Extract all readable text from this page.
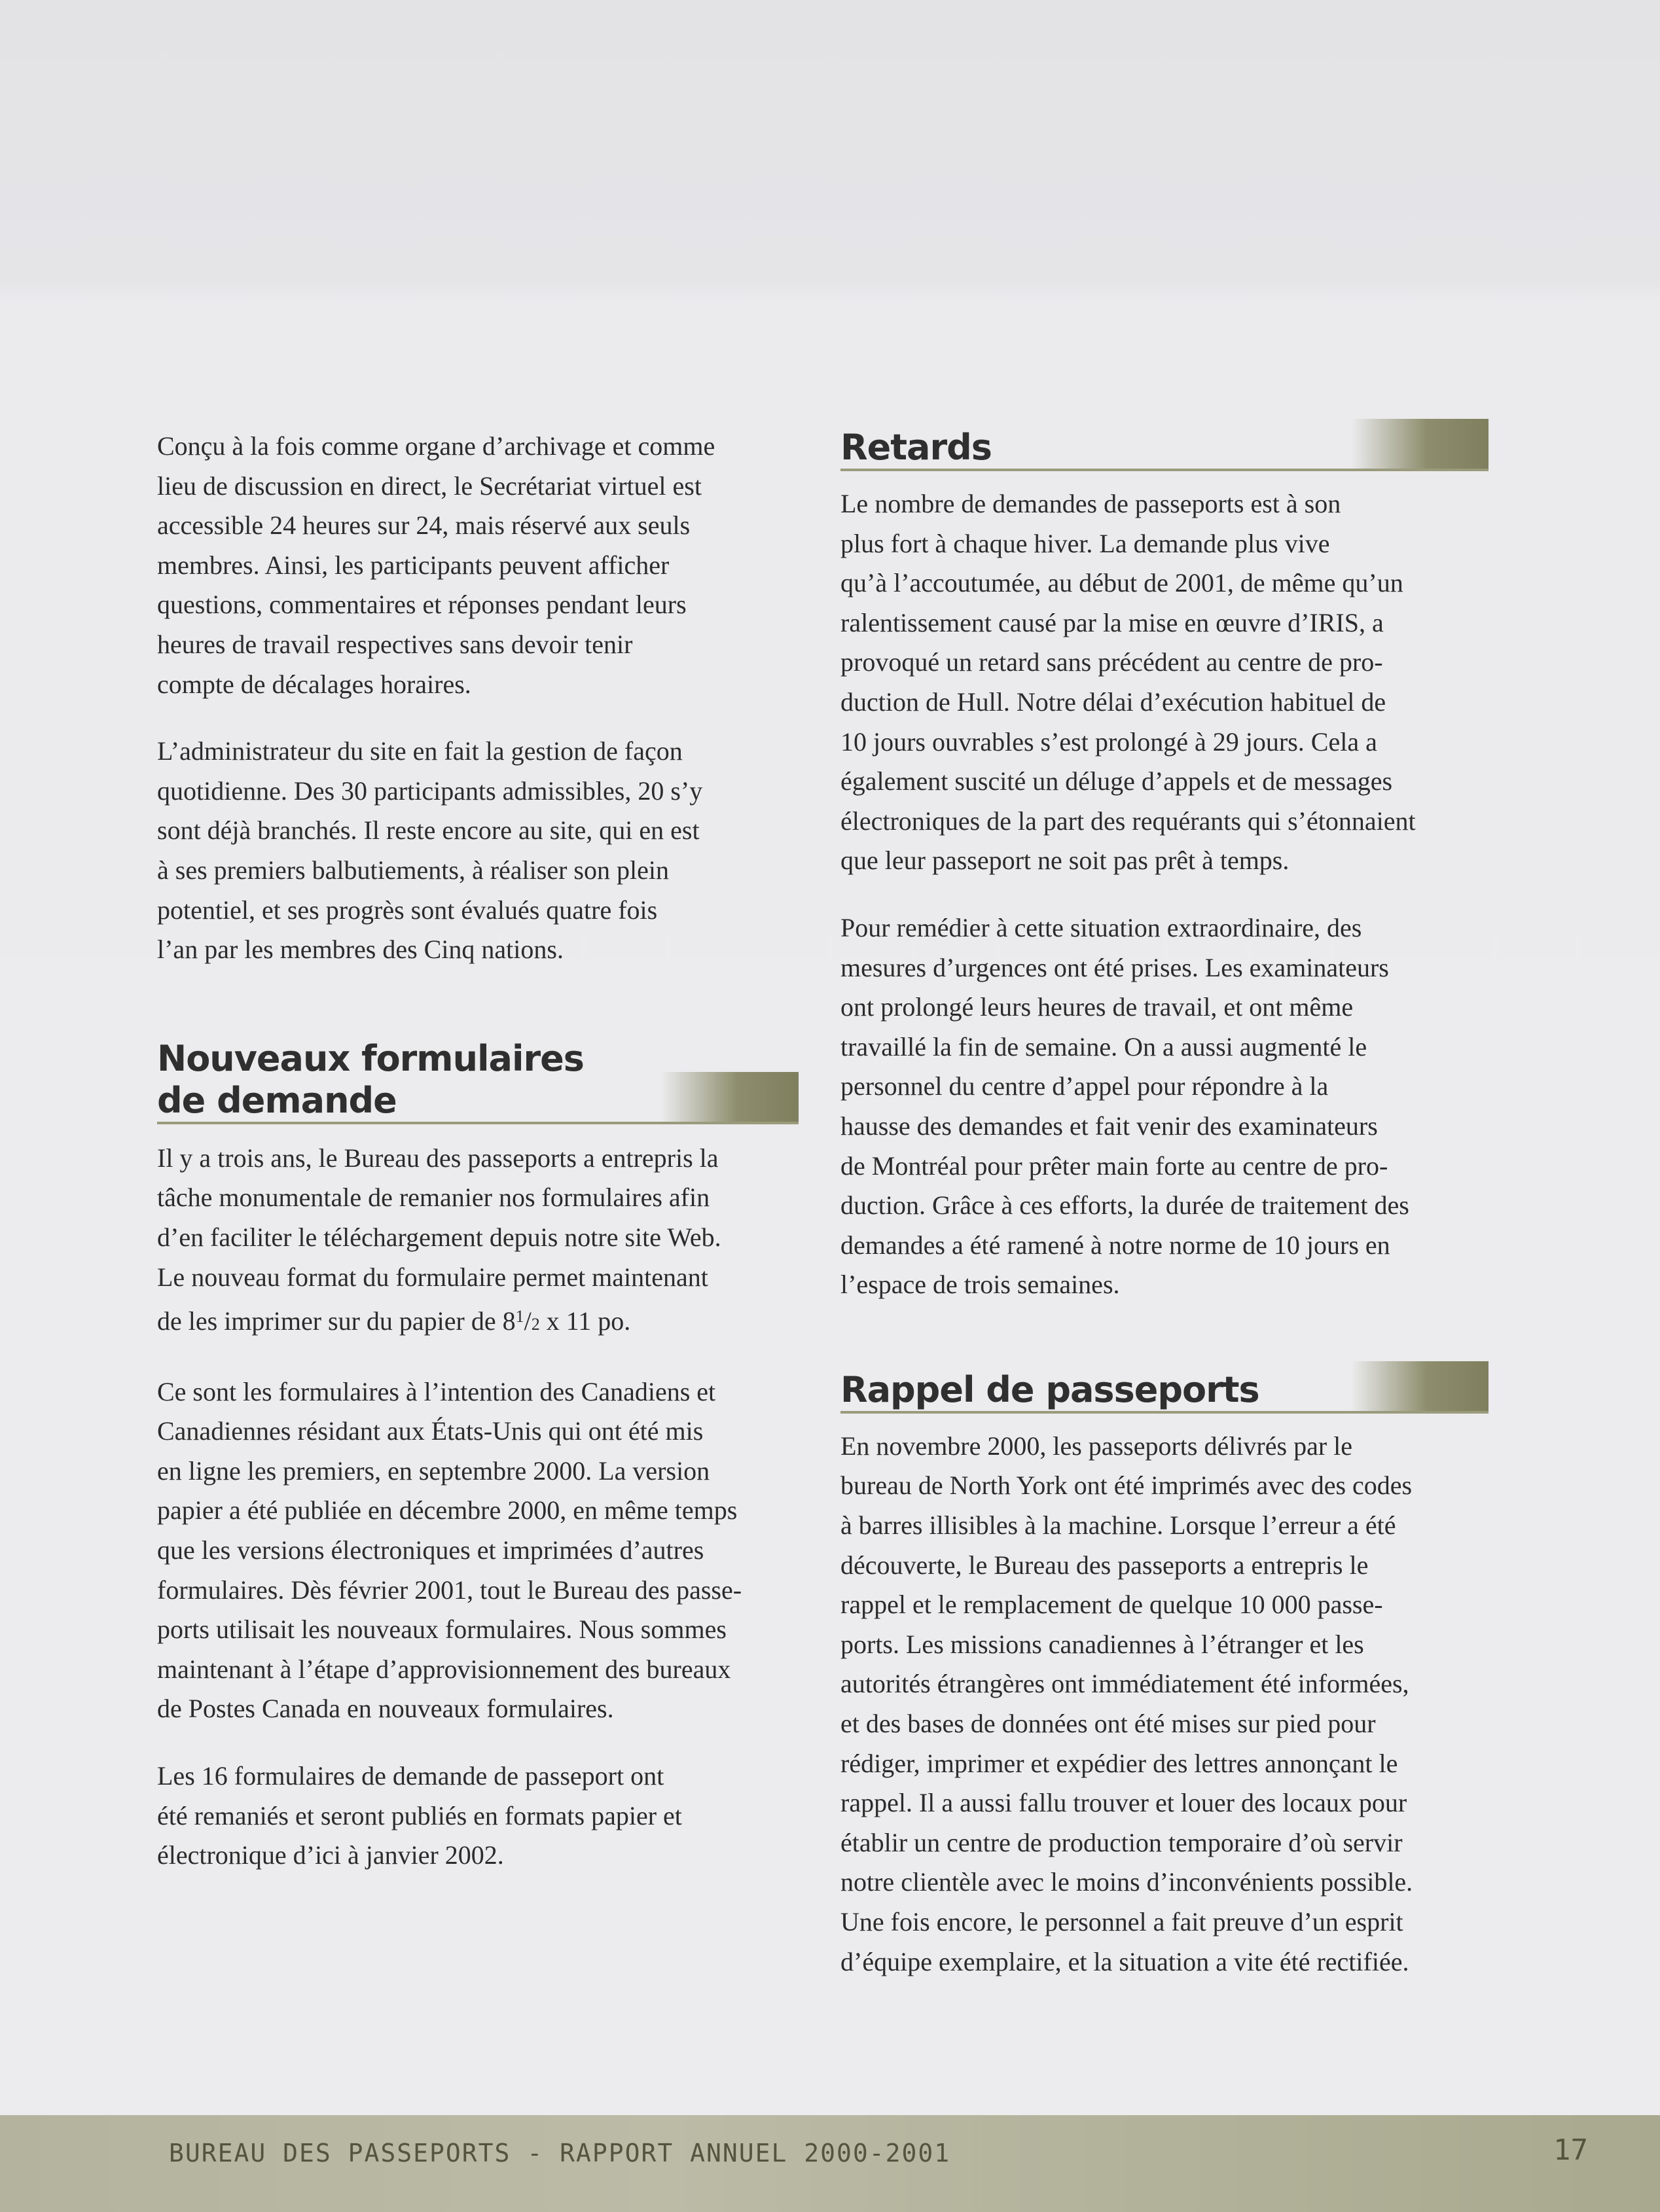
Conçu à la fois comme organe d’archivage et comme
lieu de discussion en direct, le Secrétariat virtuel est
accessible 24 heures sur 24, mais réservé aux seuls
membres. Ainsi, les participants peuvent afficher
questions, commentaires et réponses pendant leurs
heures de travail respectives sans devoir tenir
compte de décalages horaires.

L’administrateur du site en fait la gestion de façon
quotidienne. Des 30 participants admissibles, 20 s’y
sont déjà branchés. Il reste encore au site, qui en est
à ses premiers balbutiements, à réaliser son plein
potentiel, et ses progrès sont évalués quatre fois
l’an par les membres des Cinq nations.

Nouveaux formulaires
de demande

Il y a trois ans, le Bureau des passeports a entrepris la
tâche monumentale de remanier nos formulaires afin
d’en faciliter le téléchargement depuis notre site Web.
Le nouveau format du formulaire permet maintenant
de les imprimer sur du papier de $8^1/2$ x 11 po.

Ce sont les formulaires à l’intention des Canadiens et
Canadiennes résidant aux États-Unis qui ont été mis
en ligne les premiers, en septembre 2000. La version
papier a été publiée en décembre 2000, en même temps
que les versions électroniques et imprimées d’autres
formulaires. Dès février 2001, tout le Bureau des passe-
ports utilisait les nouveaux formulaires. Nous sommes
maintenant à l’étape d’approvisionnement des bureaux
de Postes Canada en nouveaux formulaires.

Les 16 formulaires de demande de passeport ont
été remaniés et seront publiés en formats papier et
électronique d’ici à janvier 2002.

Retards

Le nombre de demandes de passeports est à son
plus fort à chaque hiver. La demande plus vive
qu’à l’accoutumée, au début de 2001, de même qu’un
ralentissement causé par la mise en œuvre d’IRIS, a
provoqué un retard sans précédent au centre de pro-
duction de Hull. Notre délai d’exécution habituel de
10 jours ouvrables s’est prolongé à 29 jours. Cela a
également suscité un déluge d’appels et de messages
électroniques de la part des requérants qui s’étonnaient
que leur passeport ne soit pas prêt à temps.

Pour remédier à cette situation extraordinaire, des
mesures d’urgences ont été prises. Les examinateurs
ont prolongé leurs heures de travail, et ont même
travaillé la fin de semaine. On a aussi augmenté le
personnel du centre d’appel pour répondre à la
hausse des demandes et fait venir des examinateurs
de Montréal pour prêter main forte au centre de pro-
duction. Grâce à ces efforts, la durée de traitement des
demandes a été ramené à notre norme de 10 jours en
l’espace de trois semaines.

Rappel de passeports

En novembre 2000, les passeports délivrés par le
bureau de North York ont été imprimés avec des codes
à barres illisibles à la machine. Lorsque l’erreur a été
découverte, le Bureau des passeports a entrepris le
rappel et le remplacement de quelque 10 000 passe-
ports. Les missions canadiennes à l’étranger et les
autorités étrangères ont immédiatement été informées,
et des bases de données ont été mises sur pied pour
rédiger, imprimer et expédier des lettres annonçant le
rappel. Il a aussi fallu trouver et louer des locaux pour
établir un centre de production temporaire d’où servir
notre clientèle avec le moins d’inconvénients possible.
Une fois encore, le personnel a fait preuve d’un esprit
d’équipe exemplaire, et la situation a vite été rectifiée.

BUREAU DES PASSEPORTS - RAPPORT ANNUEL 2000-2001	17
